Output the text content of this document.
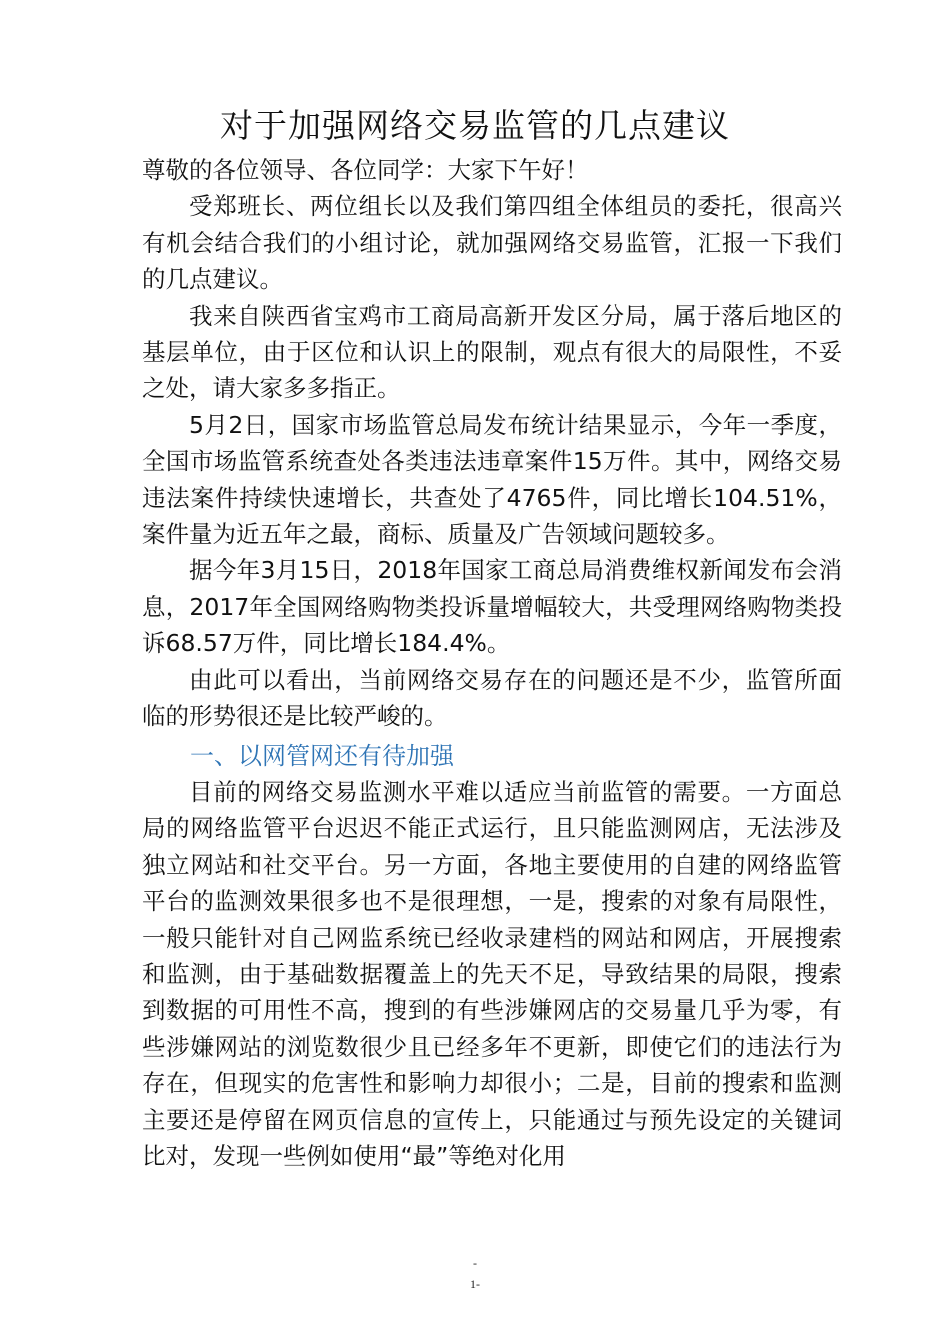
对于加强网络交易监管的几点建议

尊敬的各位领导、各位同学：大家下午好！

受郑班长、两位组长以及我们第四组全体组员的委托，很高兴有机会结合我们的小组讨论，就加强网络交易监管，汇报一下我们的几点建议。

我来自陕西省宝鸡市工商局高新开发区分局，属于落后地区的基层单位，由于区位和认识上的限制，观点有很大的局限性，不妥之处，请大家多多指正。

5月2日，国家市场监管总局发布统计结果显示，今年一季度，全国市场监管系统查处各类违法违章案件15万件。其中，网络交易违法案件持续快速增长，共查处了4765件，同比增长104.51%，案件量为近五年之最，商标、质量及广告领域问题较多。

据今年3月15日，2018年国家工商总局消费维权新闻发布会消息，2017年全国网络购物类投诉量增幅较大，共受理网络购物类投诉68.57万件，同比增长184.4%。

由此可以看出，当前网络交易存在的问题还是不少，监管所面临的形势很还是比较严峻的。

一、以网管网还有待加强

目前的网络交易监测水平难以适应当前监管的需要。一方面总局的网络监管平台迟迟不能正式运行，且只能监测网店，无法涉及独立网站和社交平台。另一方面，各地主要使用的自建的网络监管平台的监测效果很多也不是很理想，一是，搜索的对象有局限性，一般只能针对自己网监系统已经收录建档的网站和网店，开展搜索和监测，由于基础数据覆盖上的先天不足，导致结果的局限，搜索到数据的可用性不高，搜到的有些涉嫌网店的交易量几乎为零，有些涉嫌网站的浏览数很少且已经多年不更新，即使它们的违法行为存在，但现实的危害性和影响力却很小；二是，目前的搜索和监测主要还是停留在网页信息的宣传上，只能通过与预先设定的关键词比对，发现一些例如使用“最”等绝对化用

-
1-
